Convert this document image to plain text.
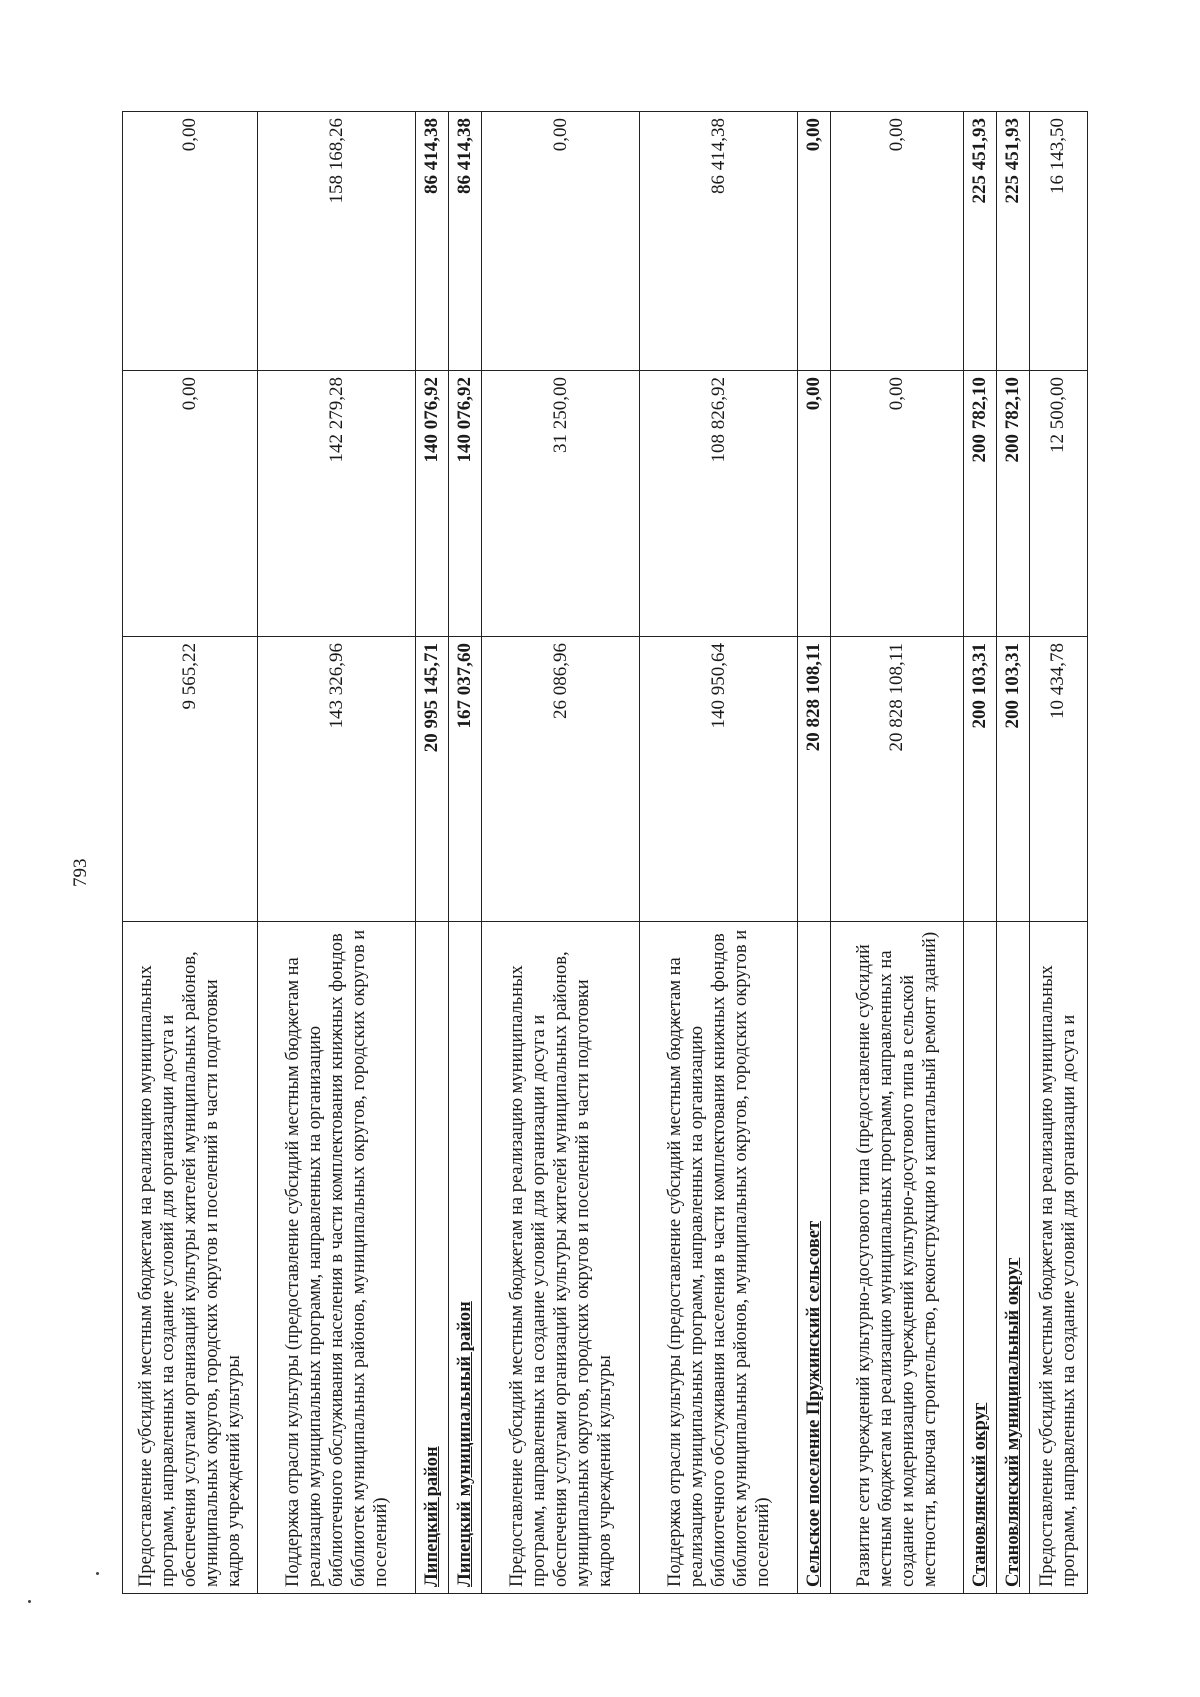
793
Предоставление субсидий местным бюджетам на реализацию муниципальных программ, направленных на создание условий для организации досуга и обеспечения услугами организаций культуры жителей муниципальных районов, муниципальных округов, городских округов и поселений в части подготовки кадров учреждений культуры	9 565,22	0,00	0,00
Поддержка отрасли культуры (предоставление субсидий местным бюджетам на реализацию муниципальных программ, направленных на организацию библиотечного обслуживания населения в части комплектования книжных фондов библиотек муниципальных районов, муниципальных округов, городских округов и поселений)	143 326,96	142 279,28	158 168,26
Липецкий район	20 995 145,71	140 076,92	86 414,38
Липецкий муниципальный район	167 037,60	140 076,92	86 414,38
Предоставление субсидий местным бюджетам на реализацию муниципальных программ, направленных на создание условий для организации досуга и обеспечения услугами организаций культуры жителей муниципальных районов, муниципальных округов, городских округов и поселений в части подготовки кадров учреждений культуры	26 086,96	31 250,00	0,00
Поддержка отрасли культуры (предоставление субсидий местным бюджетам на реализацию муниципальных программ, направленных на организацию библиотечного обслуживания населения в части комплектования книжных фондов библиотек муниципальных районов, муниципальных округов, городских округов и поселений)	140 950,64	108 826,92	86 414,38
Сельское поселение Пружинский сельсовет	20 828 108,11	0,00	0,00
Развитие сети учреждений культурно-досугового типа (предоставление субсидий местным бюджетам на реализацию муниципальных программ, направленных на создание и модернизацию учреждений культурно-досугового типа в сельской местности, включая строительство, реконструкцию и капитальный ремонт зданий)	20 828 108,11	0,00	0,00
Становлянский округ	200 103,31	200 782,10	225 451,93
Становлянский муниципальный округ	200 103,31	200 782,10	225 451,93
Предоставление субсидий местным бюджетам на реализацию муниципальных программ, направленных на создание условий для организации досуга и	10 434,78	12 500,00	16 143,50
